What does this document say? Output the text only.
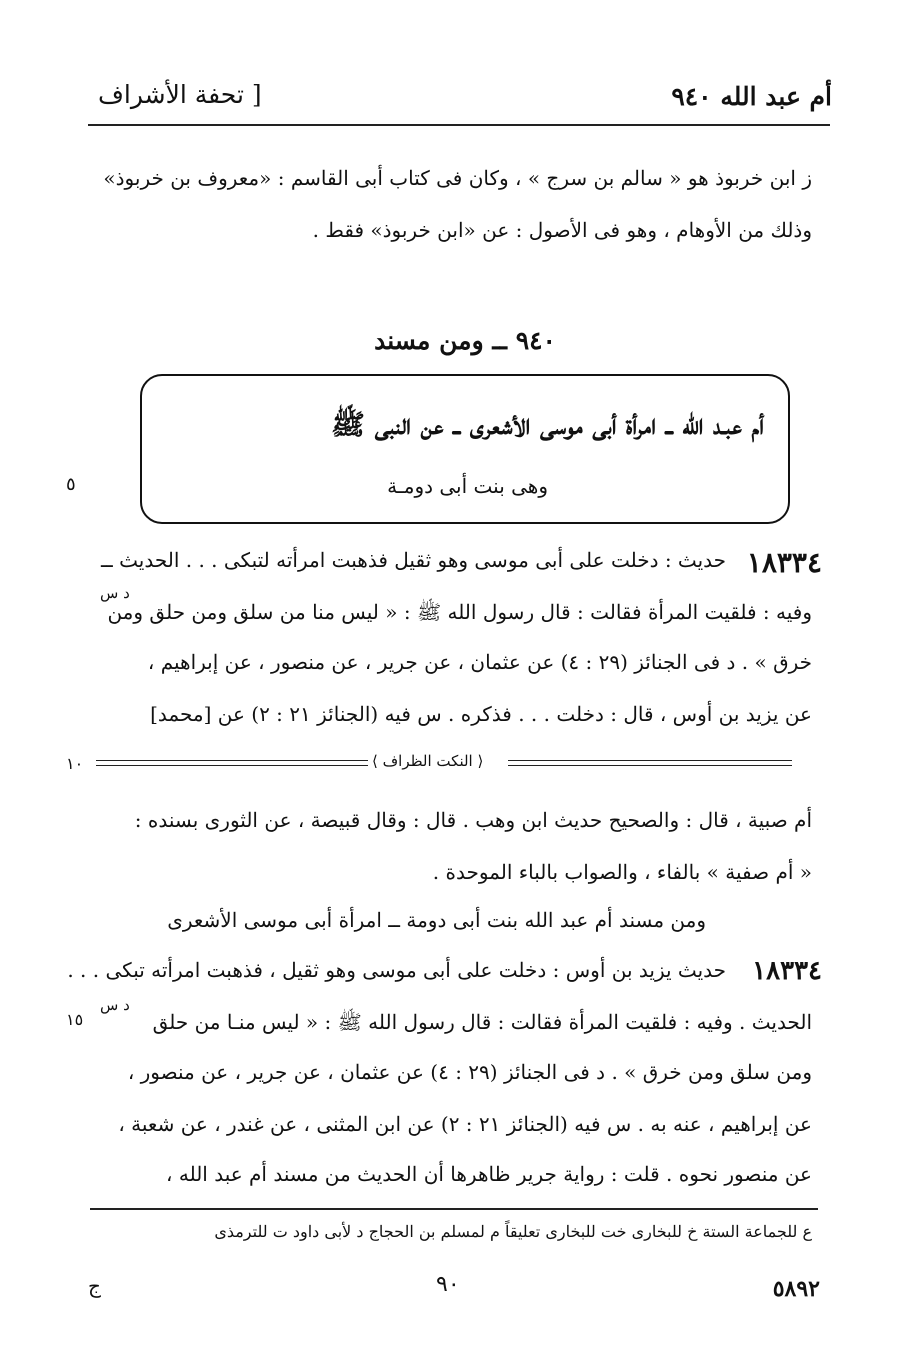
أم عبد الله ٩٤٠
[ تحفة الأشراف
ز ابن خربوذ هو « سالم بن سرج » ، وكان فى كتاب أبى القاسم : «معروف بن خربوذ»
وذلك من الأوهام ، وهو فى الأصول : عن «ابن خربوذ» فقط .
٩٤٠ ــ ومن مسند
أم عبـد الله ــ امرأة أبى موسى الأشعرى ــ عن النبى ﷺ
وهى بنت أبى دومـة
٥
١٨٣٣٤
حديث : دخلت على أبى موسى وهو ثقيل فذهبت امرأته لتبكى . . . الحديث ــ
د س
وفيه : فلقيت المرأة فقالت : قال رسول الله ﷺ : « ليس منا من سلق ومن حلق ومن
خرق » . د فى الجنائز (٢٩ : ٤) عن عثمان ، عن جرير ، عن منصور ، عن إبراهيم ،
عن يزيد بن أوس ، قال : دخلت . . . فذكره . س فيه (الجنائز ٢١ : ٢) عن [محمد]
١٠	⟨ النكت الظراف ⟩
أم صبية ، قال : والصحيح حديث ابن وهب . قال : وقال قبيصة ، عن الثورى بسنده :
« أم صفية » بالفاء ، والصواب بالباء الموحدة .
ومن مسند أم عبد الله بنت أبى دومة ــ امرأة أبى موسى الأشعرى
١٨٣٣٤
حديث يزيد بن أوس : دخلت على أبى موسى وهو ثقيل ، فذهبت امرأته تبكى . . .
د س
١٥	الحديث . وفيه : فلقيت المرأة فقالت : قال رسول الله ﷺ : « ليس منـا من حلق
ومن سلق ومن خرق » . د فى الجنائز (٢٩ : ٤) عن عثمان ، عن جرير ، عن منصور ،
عن إبراهيم ، عنه به . س فيه (الجنائز ٢١ : ٢) عن ابن المثنى ، عن غندر ، عن شعبة ،
عن منصور نحوه . قلت : رواية جرير ظاهرها أن الحديث من مسند أم عبد الله ،
ع للجماعة الستة خ للبخارى خت للبخارى تعليقاً م لمسلم بن الحجاج د لأبى داود ت للترمذى
ج	٩٠	٥٨٩٢
